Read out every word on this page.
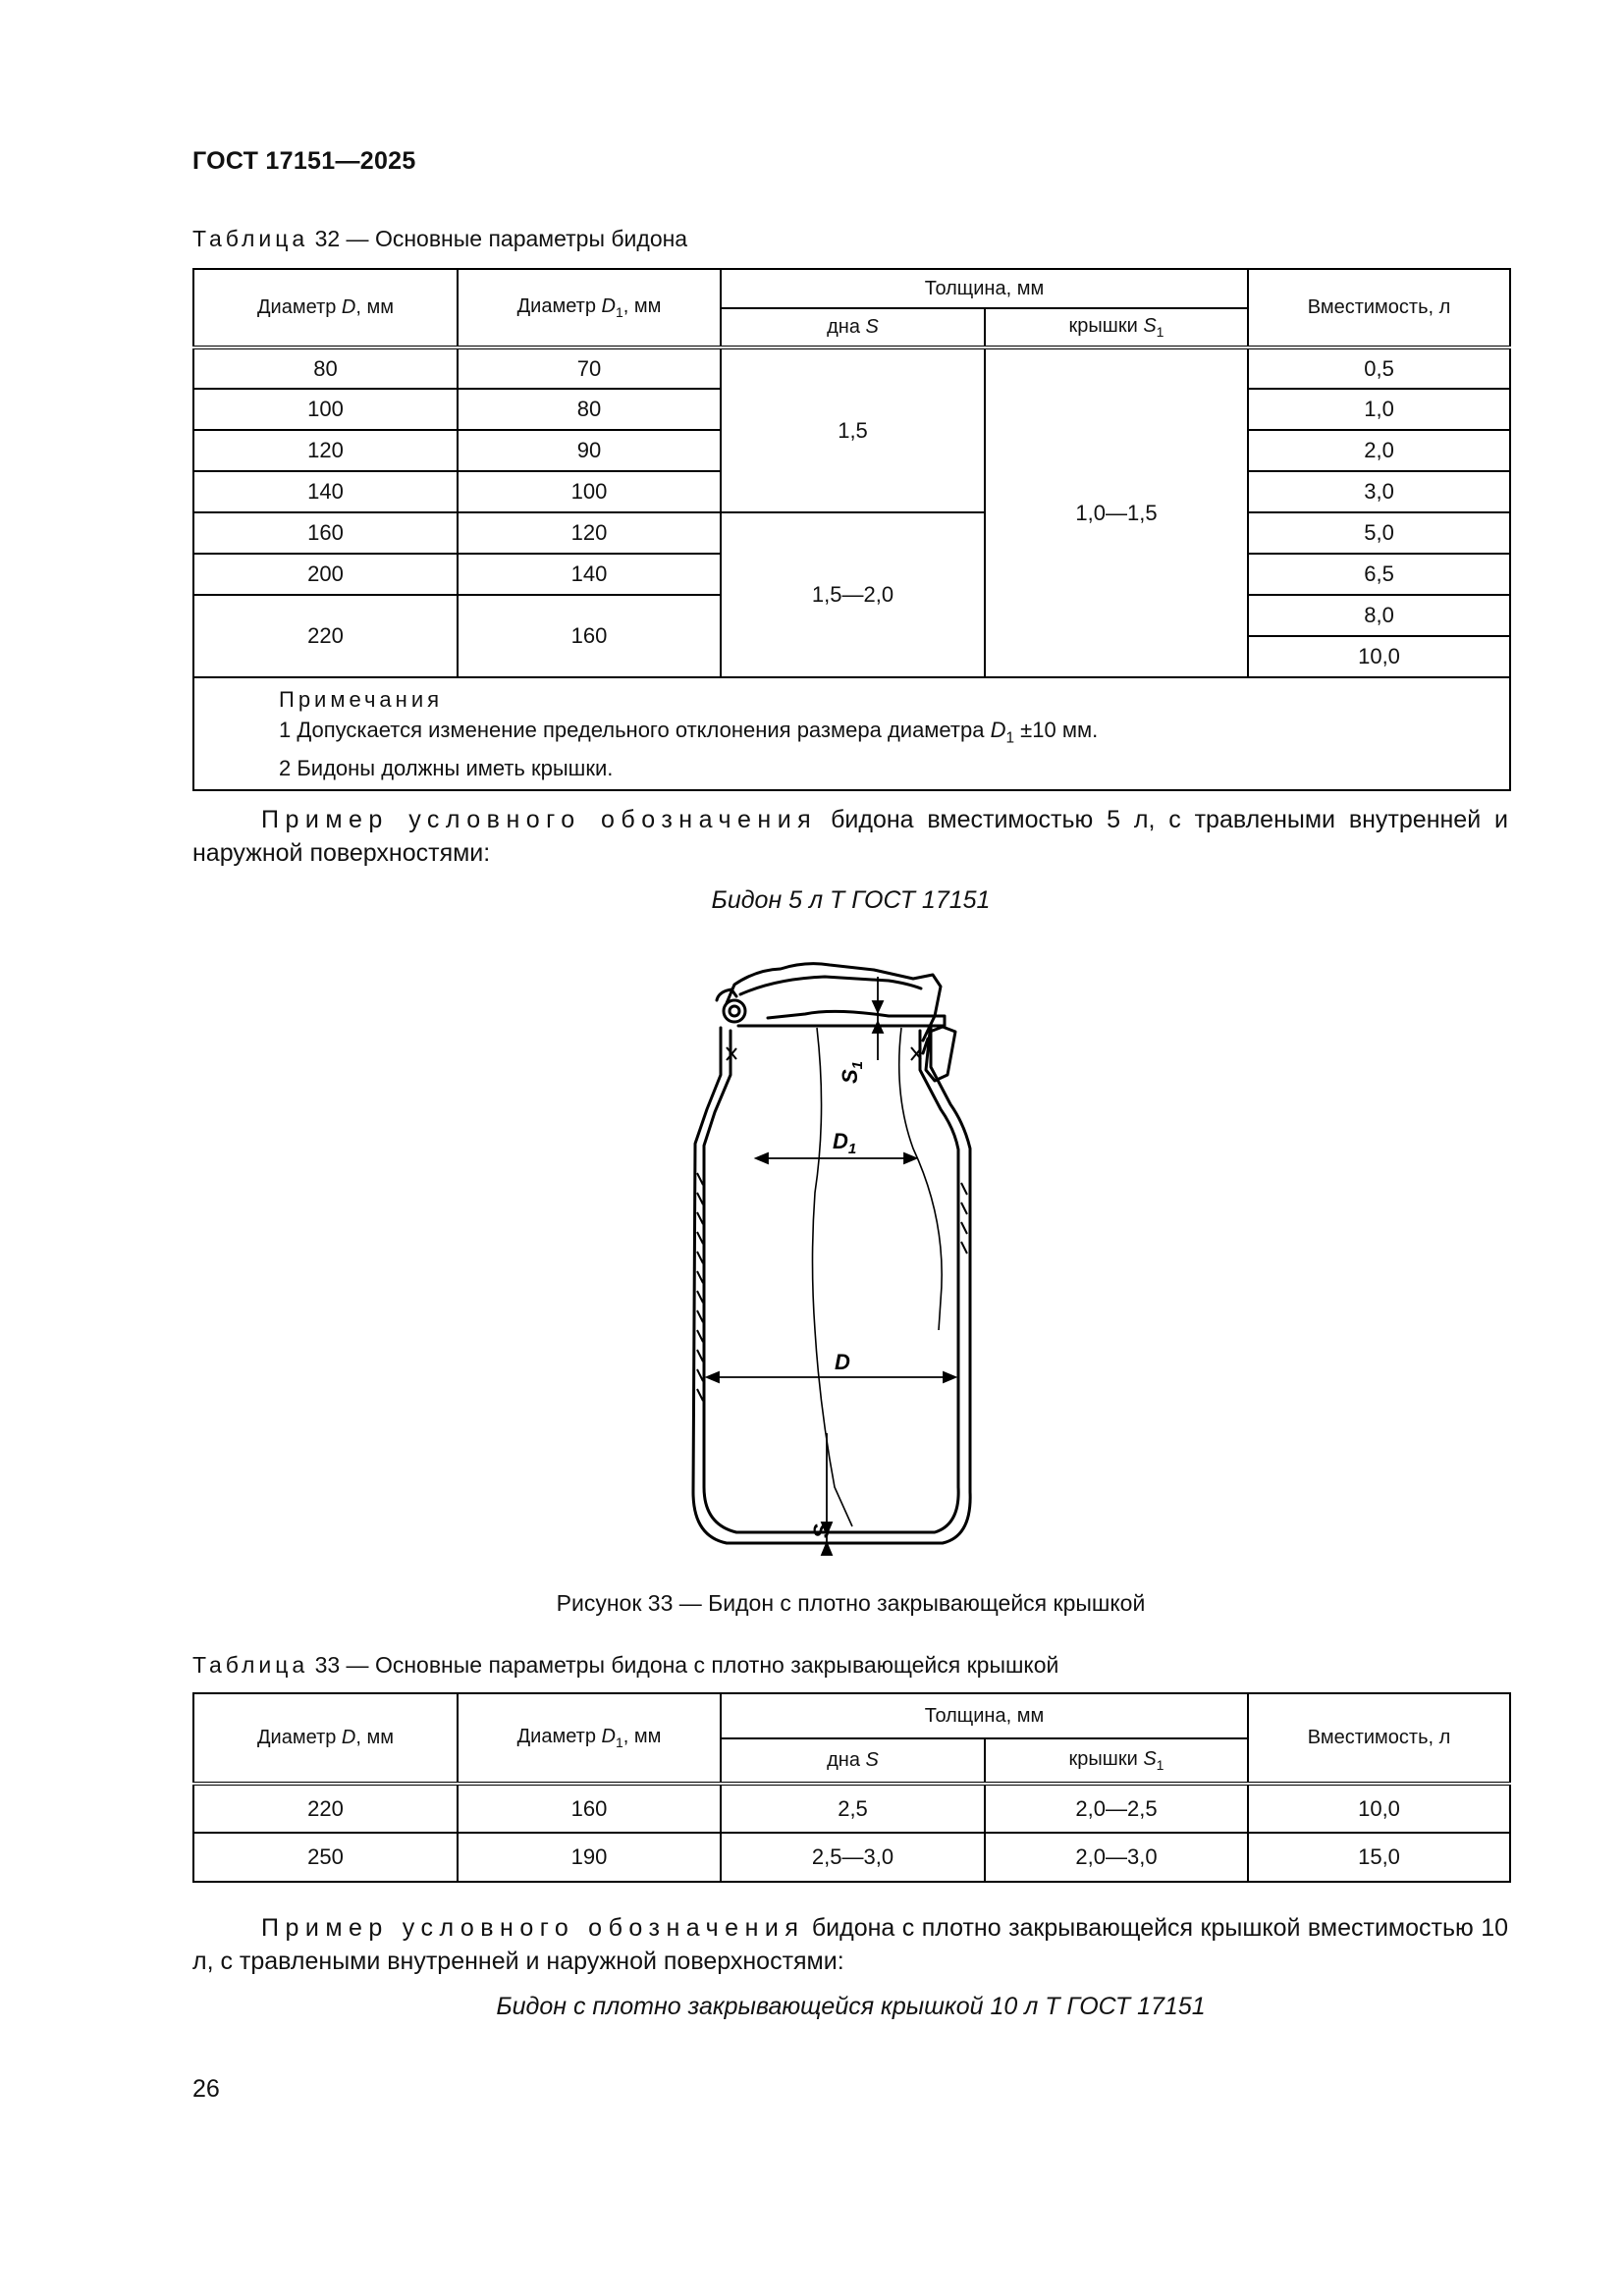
ГОСТ 17151—2025
Таблица 32 — Основные параметры бидона
Диаметр D, мм	Диаметр $D_1$, мм	Толщина, мм		Вместимость, л
		дна S	крышки $S_1$
80	70	1,5	1,0—1,5	0,5
100	80			1,0
120	90			2,0
140	100			3,0
160	120	1,5—2,0		5,0
200	140			6,5
220	160			8,0
				10,0

Примечания
1 Допускается изменение предельного отклонения размера диаметра $D_1 \pm 10$ мм.
2 Бидоны должны иметь крышки.				
Пример условного обозначения бидона вместимостью 5 л, с травлеными внутренней и наружной поверхностями:
Бидон 5 л Т ГОСТ 17151
$S_1$
$D_1$
D
S
Рисунок 33 — Бидон с плотно закрывающейся крышкой
Таблица 33 — Основные параметры бидона с плотно закрывающейся крышкой
Диаметр D, мм	Диаметр $D_1$, мм	Толщина, мм		Вместимость, л
		дна S	крышки $S_1$
220	160	2,5	2,0—2,5	10,0
250	190	2,5—3,0	2,0—3,0	15,0
Пример условного обозначения бидона с плотно закрывающейся крышкой вместимостью 10 л, с травлеными внутренней и наружной поверхностями:
Бидон с плотно закрывающейся крышкой 10 л Т ГОСТ 17151
26
